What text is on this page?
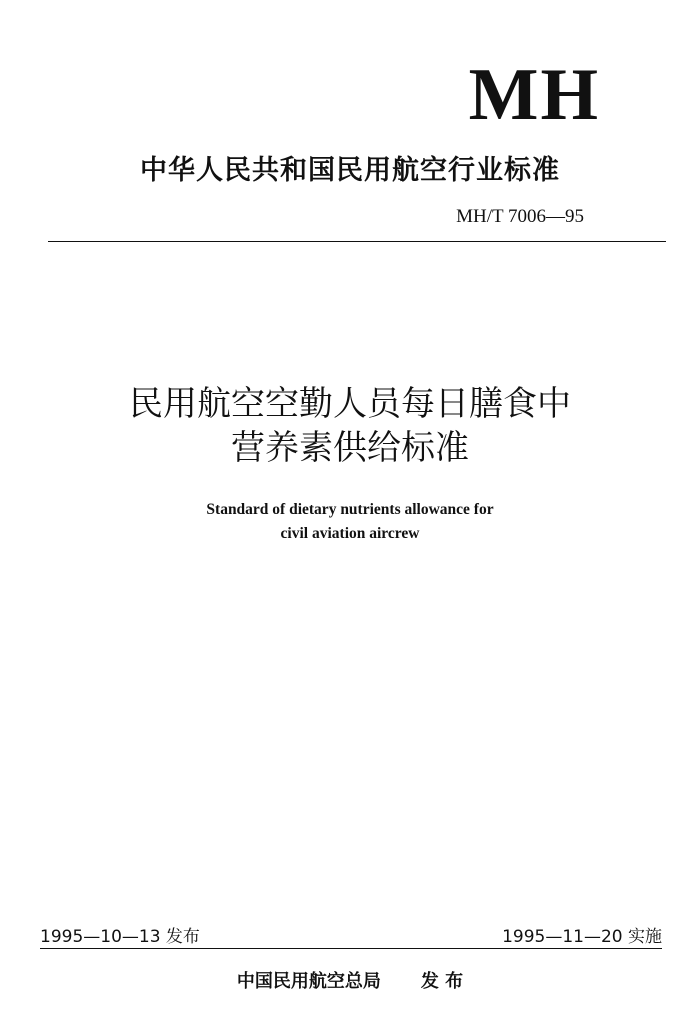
MH
中华人民共和国民用航空行业标准
MH/T 7006—95
民用航空空勤人员每日膳食中
营养素供给标准
Standard of dietary nutrients allowance for
civil aviation aircrew
1995—10—13 发布	1995—11—20 实施
中国民用航空总局 发 布
